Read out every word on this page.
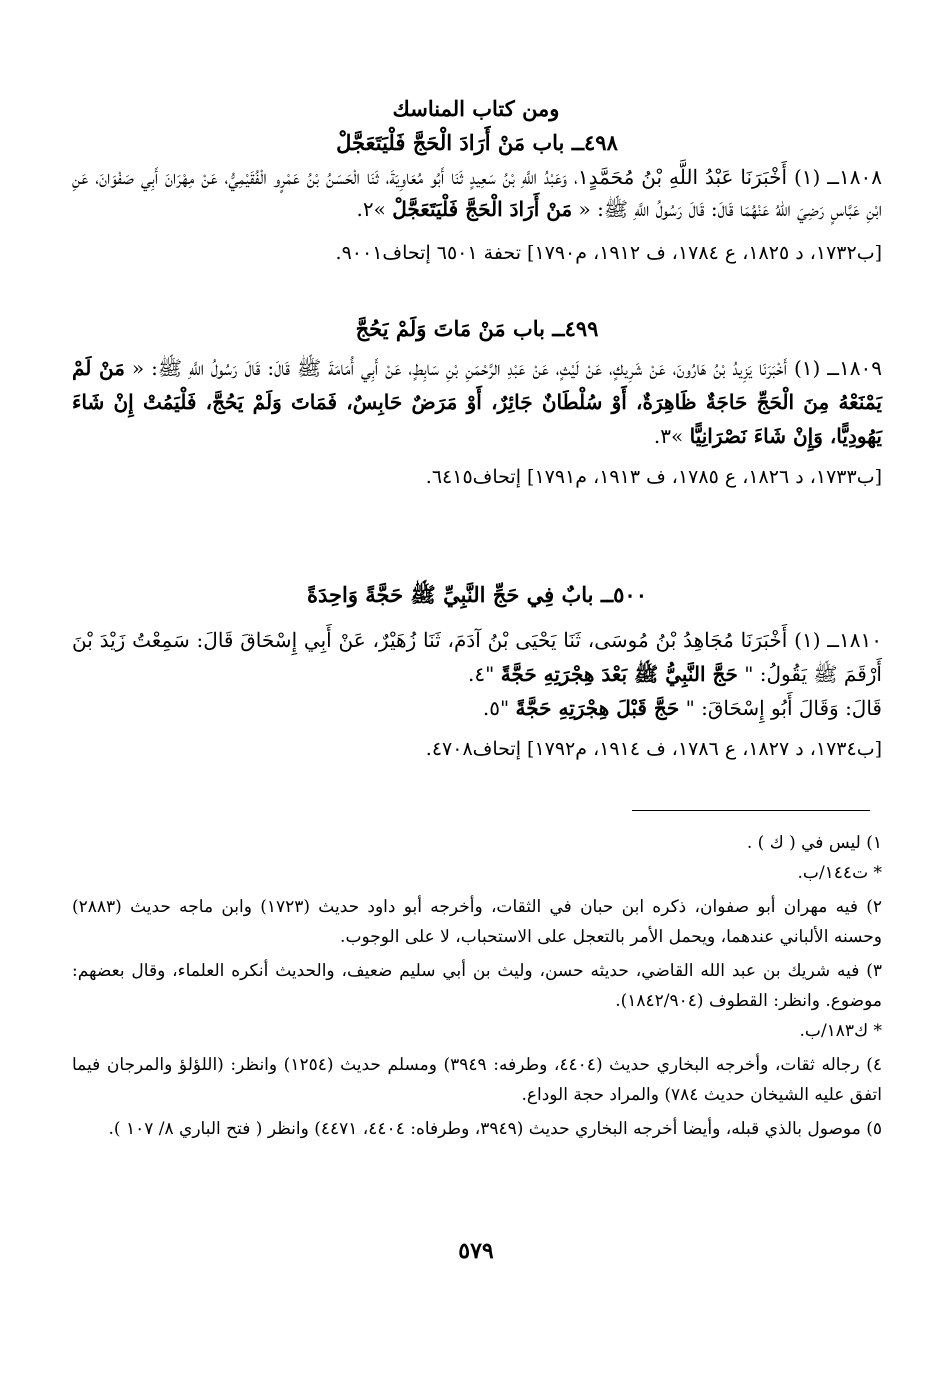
ومن كتاب المناسك
٤٩٨ــ باب مَنْ أَرَادَ الْحَجَّ فَلْيَتَعَجَّلْ
١٨٠٨ــ (١) أَخْبَرَنَا عَبْدُ اللَّهِ بْنُ مُحَمَّدٍ١، وَعَبْدُ اللَّهِ بْنُ سَعِيدٍ ثَنَا أَبُو مُعَاوِيَةَ، ثَنَا الْحَسَنُ بْنُ عَمْرٍو الْفُقَيْمِيُّ، عَنْ مِهْرَانَ أَبِي صَفْوَانَ، عَنِ ابْنِ عَبَّاسٍ رَضِيَ اللهُ عَنْهُمَا قَالَ: قَالَ رَسُولُ اللَّهِ ﷺ: « مَنْ أَرَادَ الْحَجَّ فَلْيَتَعَجَّلْ »٢.
[ب١٧٣٢، د ١٨٢٥، ع ١٧٨٤، ف ١٩١٢، م١٧٩٠] تحفة ٦٥٠١ إتحاف٩٠٠١.
٤٩٩ــ باب مَنْ مَاتَ وَلَمْ يَحُجَّ
١٨٠٩ــ (١) أَخْبَرَنَا يَزِيدُ بْنُ هَارُونَ، عَنْ شَرِيكٍ، عَنْ لَيْثٍ، عَنْ عَبْدِ الرَّحْمَنِ بْنِ سَابِطٍ، عَنْ أَبِي أُمَامَةَ ﷺ قَالَ: قَالَ رَسُولُ اللَّهِ ﷺ: « مَنْ لَمْ يَمْنَعْهُ مِنَ الْحَجِّ حَاجَةٌ ظَاهِرَةٌ، أَوْ سُلْطَانٌ جَائِرٌ، أَوْ مَرَضٌ حَابِسٌ، فَمَاتَ وَلَمْ يَحُجَّ، فَلْيَمُتْ إِنْ شَاءَ يَهُودِيًّا، وَإِنْ شَاءَ نَصْرَانِيًّا »٣.
[ب١٧٣٣، د ١٨٢٦، ع ١٧٨٥، ف ١٩١٣، م١٧٩١] إتحاف٦٤١٥.
٥٠٠ــ بابٌ فِي حَجِّ النَّبِيِّ ﷺ حَجَّةً وَاحِدَةً
١٨١٠ــ (١) أَخْبَرَنَا مُجَاهِدُ بْنُ مُوسَى، ثَنَا يَحْيَى بْنُ آدَمَ، ثَنَا زُهَيْرٌ، عَنْ أَبِي إِسْحَاقَ قَالَ: سَمِعْتُ زَيْدَ بْنَ أَرْقَمَ ﷺ يَقُولُ: " حَجَّ النَّبِيُّ ﷺ بَعْدَ هِجْرَتِهِ حَجَّةً "٤.
قَالَ: وَقَالَ أَبُو إِسْحَاقَ: " حَجَّ قَبْلَ هِجْرَتِهِ حَجَّةً "٥.
[ب١٧٣٤، د ١٨٢٧، ع ١٧٨٦، ف ١٩١٤، م١٧٩٢] إتحاف٤٧٠٨.

١) ليس في ( ك ) .

* ت١٤٤/ب.

٢) فيه مهران أبو صفوان، ذكره ابن حبان في الثقات، وأخرجه أبو داود حديث (١٧٢٣) وابن ماجه حديث (٢٨٨٣) وحسنه الألباني عندهما، ويحمل الأمر بالتعجل على الاستحباب، لا على الوجوب.

٣) فيه شريك بن عبد الله القاضي، حديثه حسن، وليث بن أبي سليم ضعيف، والحديث أنكره العلماء، وقال بعضهم: موضوع. وانظر: القطوف (١٨٤٢/٩٠٤).

* ك١٨٣/ب.

٤) رجاله ثقات، وأخرجه البخاري حديث (٤٤٠٤، وطرفه: ٣٩٤٩) ومسلم حديث (١٢٥٤) وانظر: (اللؤلؤ والمرجان فيما اتفق عليه الشيخان حديث ٧٨٤) والمراد حجة الوداع.

٥) موصول بالذي قبله، وأيضا أخرجه البخاري حديث (٣٩٤٩، وطرفاه: ٤٤٠٤، ٤٤٧١) وانظر ( فتح الباري ٨/ ١٠٧ ).

٥٧٩
